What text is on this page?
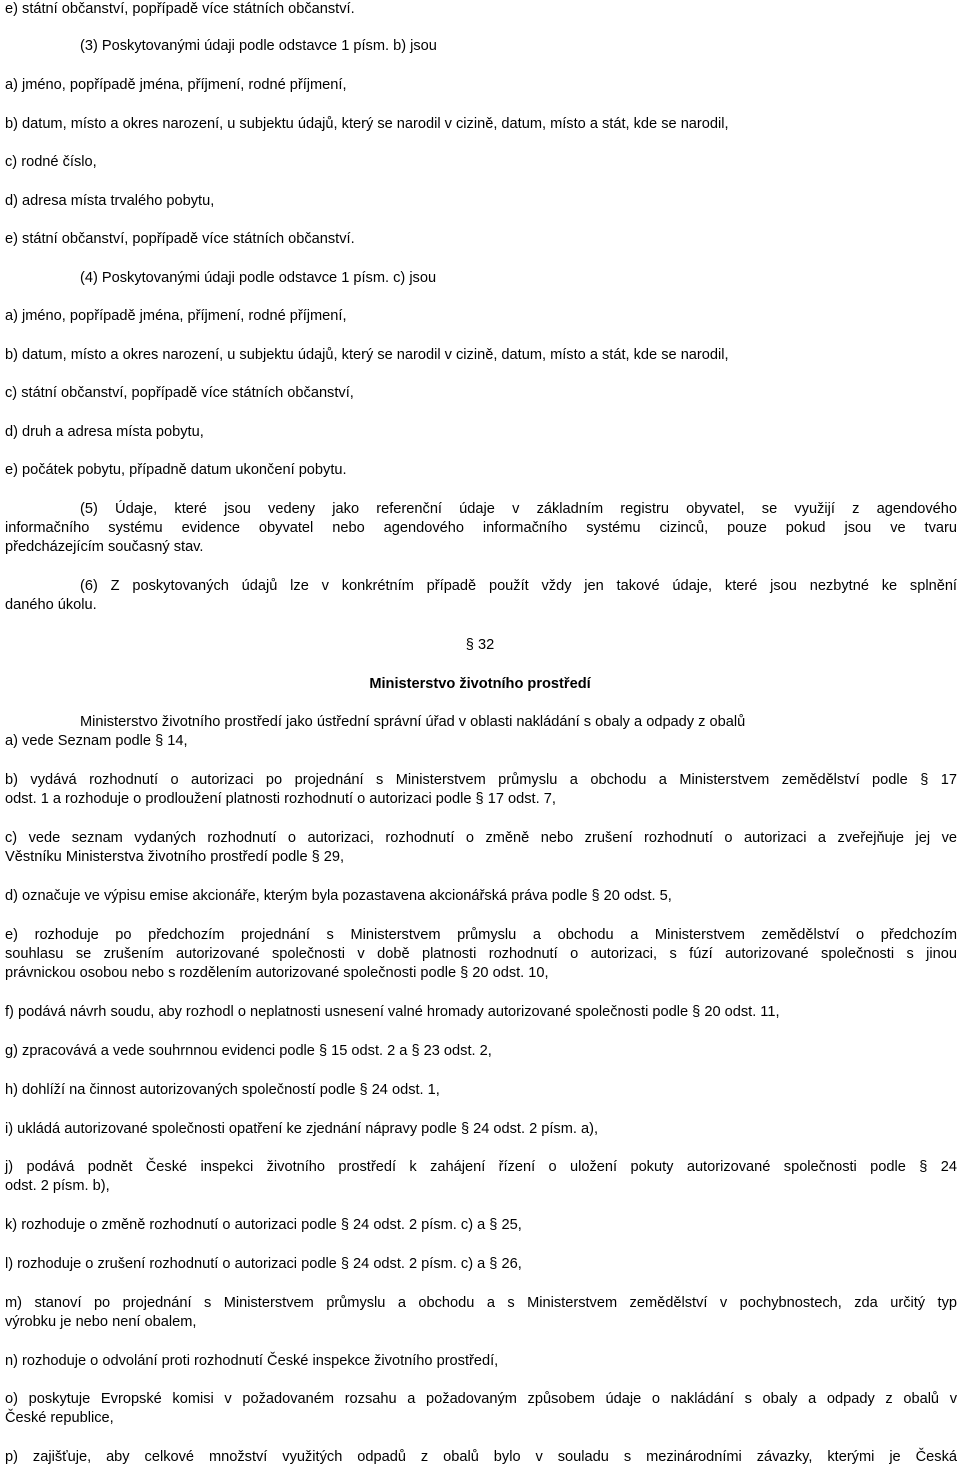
e) státní občanství, popřípadě více státních občanství.

(3) Poskytovanými údaji podle odstavce 1 písm. b) jsou

a) jméno, popřípadě jména, příjmení, rodné příjmení,

b) datum, místo a okres narození, u subjektu údajů, který se narodil v cizině, datum, místo a stát, kde se narodil,

c) rodné číslo,

d) adresa místa trvalého pobytu,

e) státní občanství, popřípadě více státních občanství.

(4) Poskytovanými údaji podle odstavce 1 písm. c) jsou

a) jméno, popřípadě jména, příjmení, rodné příjmení,

b) datum, místo a okres narození, u subjektu údajů, který se narodil v cizině, datum, místo a stát, kde se narodil,

c) státní občanství, popřípadě více státních občanství,

d) druh a adresa místa pobytu,

e) počátek pobytu, případně datum ukončení pobytu.

(5) Údaje, které jsou vedeny jako referenční údaje v základním registru obyvatel, se využijí z agendového

informačního systému evidence obyvatel nebo agendového informačního systému cizinců, pouze pokud jsou ve tvaru

předcházejícím současný stav.

(6) Z poskytovaných údajů lze v konkrétním případě použít vždy jen takové údaje, které jsou nezbytné ke splnění

daného úkolu.

§ 32

Ministerstvo životního prostředí

Ministerstvo životního prostředí jako ústřední správní úřad v oblasti nakládání s obaly a odpady z obalů

a) vede Seznam podle § 14,

b) vydává rozhodnutí o autorizaci po projednání s Ministerstvem průmyslu a obchodu a Ministerstvem zemědělství podle § 17

odst. 1 a rozhoduje o prodloužení platnosti rozhodnutí o autorizaci podle § 17 odst. 7,

c) vede seznam vydaných rozhodnutí o autorizaci, rozhodnutí o změně nebo zrušení rozhodnutí o autorizaci a zveřejňuje jej ve

Věstníku Ministerstva životního prostředí podle § 29,

d) označuje ve výpisu emise akcionáře, kterým byla pozastavena akcionářská práva podle § 20 odst. 5,

e) rozhoduje po předchozím projednání s Ministerstvem průmyslu a obchodu a Ministerstvem zemědělství o předchozím

souhlasu se zrušením autorizované společnosti v době platnosti rozhodnutí o autorizaci, s fúzí autorizované společnosti s jinou

právnickou osobou nebo s rozdělením autorizované společnosti podle § 20 odst. 10,

f) podává návrh soudu, aby rozhodl o neplatnosti usnesení valné hromady autorizované společnosti podle § 20 odst. 11,

g) zpracovává a vede souhrnnou evidenci podle § 15 odst. 2 a § 23 odst. 2,

h) dohlíží na činnost autorizovaných společností podle § 24 odst. 1,

i) ukládá autorizované společnosti opatření ke zjednání nápravy podle § 24 odst. 2 písm. a),

j) podává podnět České inspekci životního prostředí k zahájení řízení o uložení pokuty autorizované společnosti podle § 24

odst. 2 písm. b),

k) rozhoduje o změně rozhodnutí o autorizaci podle § 24 odst. 2 písm. c) a § 25,

l) rozhoduje o zrušení rozhodnutí o autorizaci podle § 24 odst. 2 písm. c) a § 26,

m) stanoví po projednání s Ministerstvem průmyslu a obchodu a s Ministerstvem zemědělství v pochybnostech, zda určitý typ

výrobku je nebo není obalem,

n) rozhoduje o odvolání proti rozhodnutí České inspekce životního prostředí,

o) poskytuje Evropské komisi v požadovaném rozsahu a požadovaným způsobem údaje o nakládání s obaly a odpady z obalů v

České republice,

p) zajišťuje, aby celkové množství využitých odpadů z obalů bylo v souladu s mezinárodními závazky, kterými je Česká
